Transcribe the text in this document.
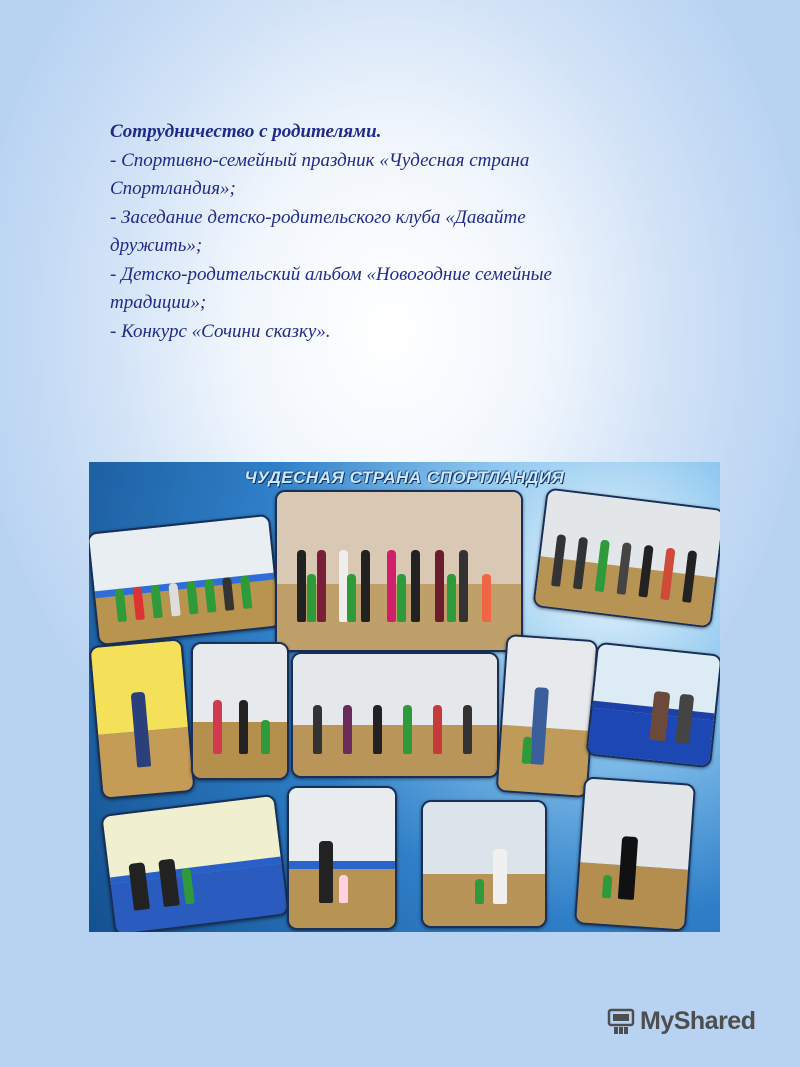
Сотрудничество с родителями.
- Спортивно-семейный праздник «Чудесная страна
Спортландия»;
- Заседание детско-родительского клуба «Давайте
дружить»;
- Детско-родительский альбом «Новогодние семейные
традиции»;
- Конкурс «Сочини сказку».
ЧУДЕСНАЯ СТРАНА СПОРТЛАНДИЯ
MyShared
